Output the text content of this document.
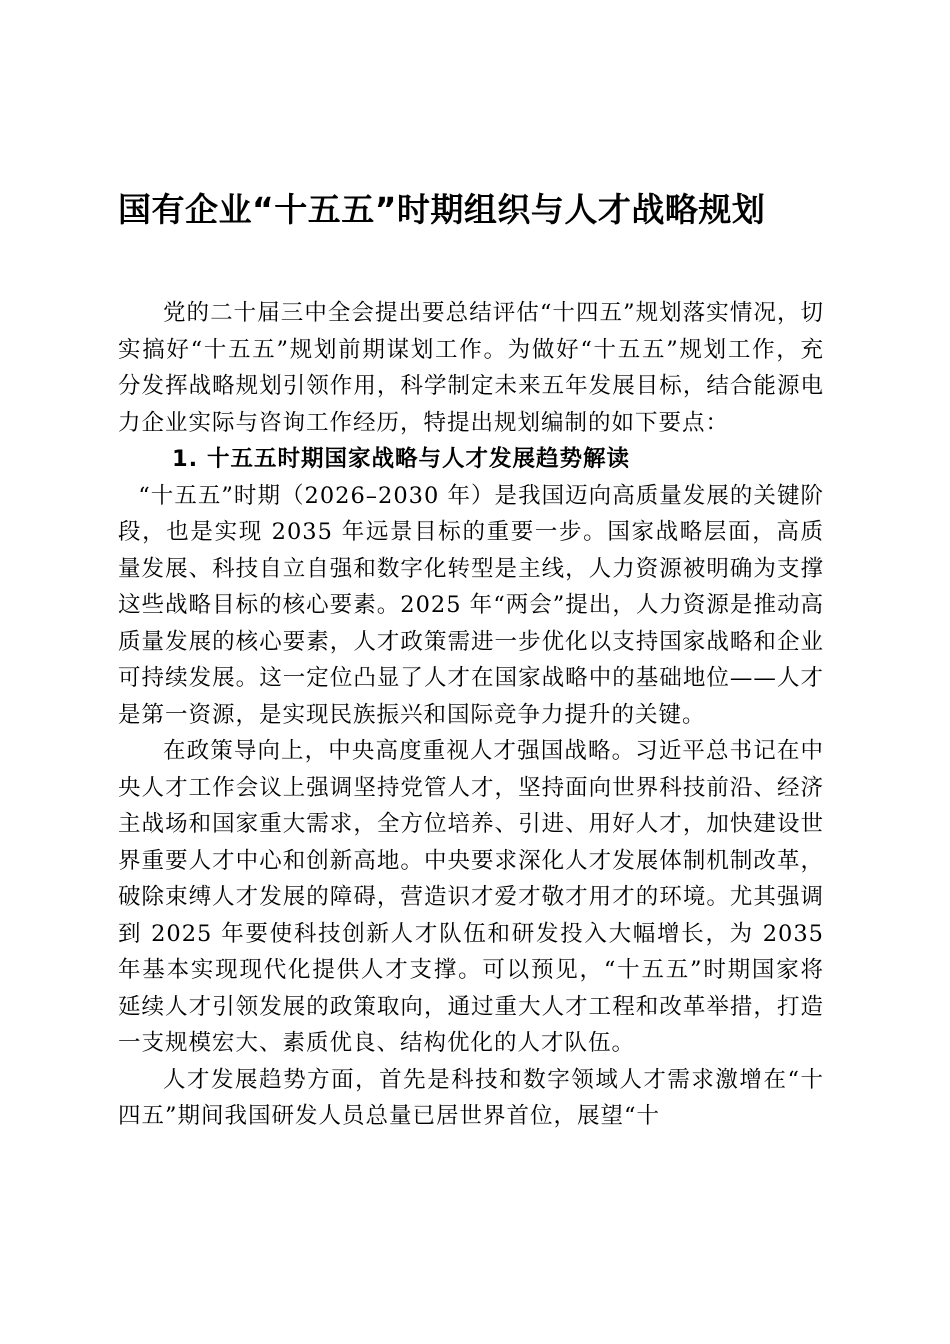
国有企业“十五五”时期组织与人才战略规划

党的二十届三中全会提出要总结评估“十四五”规划落实情况，切实搞好“十五五”规划前期谋划工作。为做好“十五五”规划工作，充分发挥战略规划引领作用，科学制定未来五年发展目标，结合能源电力企业实际与咨询工作经历，特提出规划编制的如下要点：

1. 十五五时期国家战略与人才发展趋势解读

“十五五”时期（2026–2030 年）是我国迈向高质量发展的关键阶段，也是实现 2035 年远景目标的重要一步。国家战略层面，高质量发展、科技自立自强和数字化转型是主线，人力资源被明确为支撑这些战略目标的核心要素。2025 年“两会”提出，人力资源是推动高质量发展的核心要素，人才政策需进一步优化以支持国家战略和企业可持续发展。这一定位凸显了人才在国家战略中的基础地位——人才是第一资源，是实现民族振兴和国际竞争力提升的关键。

在政策导向上，中央高度重视人才强国战略。习近平总书记在中央人才工作会议上强调坚持党管人才，坚持面向世界科技前沿、经济主战场和国家重大需求，全方位培养、引进、用好人才，加快建设世界重要人才中心和创新高地。中央要求深化人才发展体制机制改革，破除束缚人才发展的障碍，营造识才爱才敬才用才的环境。尤其强调到 2025 年要使科技创新人才队伍和研发投入大幅增长，为 2035 年基本实现现代化提供人才支撑。可以预见，“十五五”时期国家将延续人才引领发展的政策取向，通过重大人才工程和改革举措，打造一支规模宏大、素质优良、结构优化的人才队伍。

人才发展趋势方面，首先是科技和数字领域人才需求激增在“十四五”期间我国研发人员总量已居世界首位，展望“十
